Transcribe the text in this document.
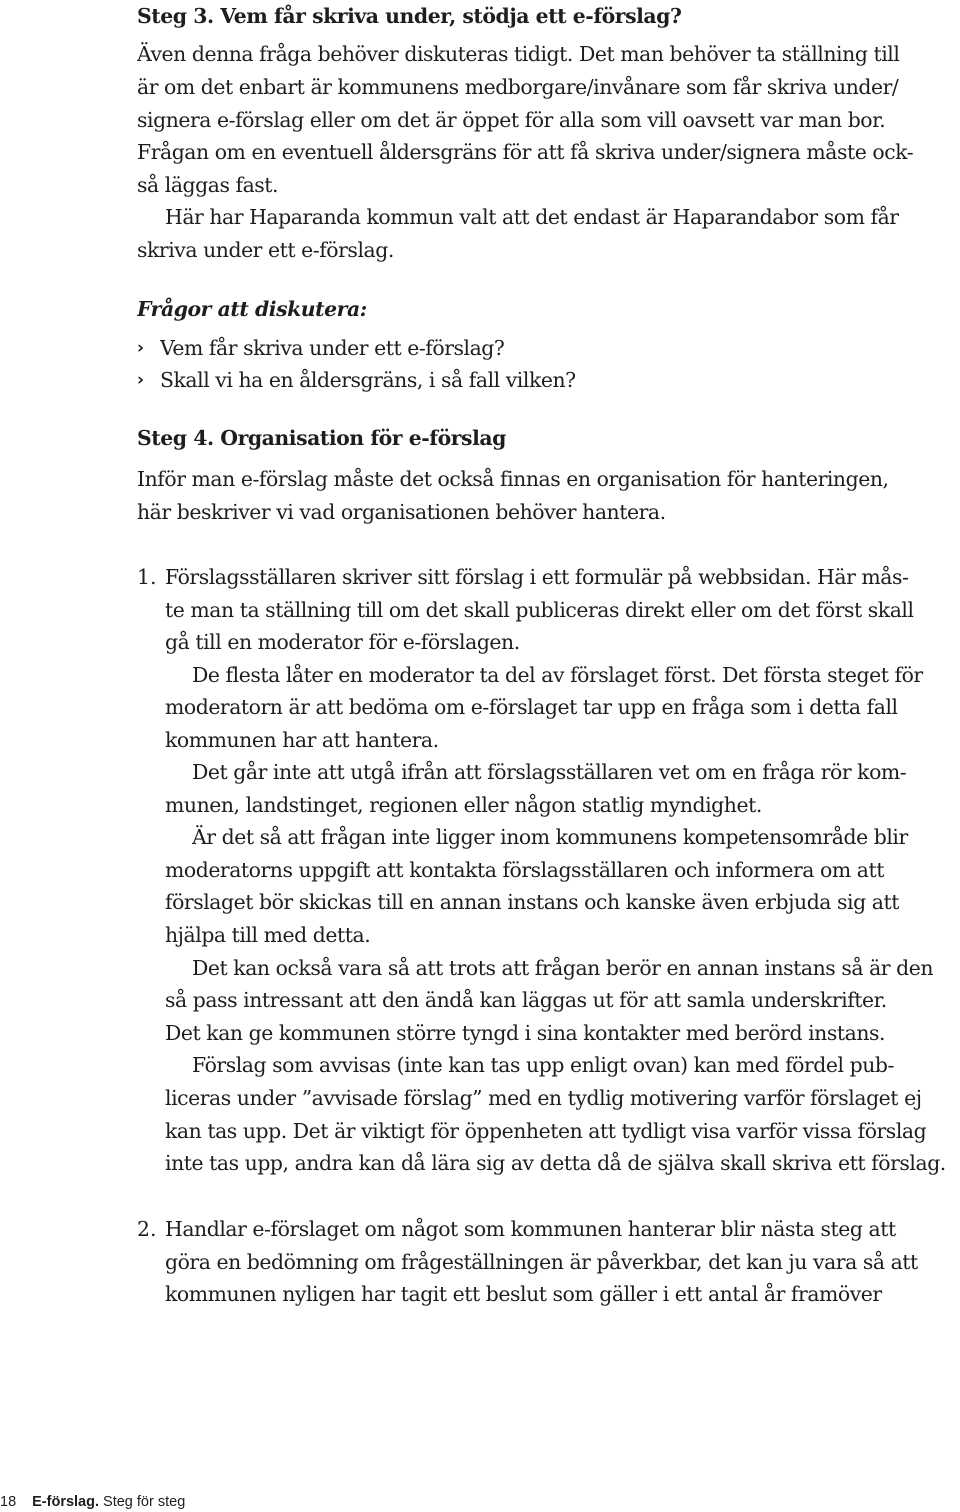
Steg 3. Vem får skriva under, stödja ett e-förslag?
Även denna fråga behöver diskuteras tidigt. Det man behöver ta ställning till
är om det enbart är kommunens medborgare/invånare som får skriva under/
signera e-förslag eller om det är öppet för alla som vill oavsett var man bor.
Frågan om en eventuell åldersgräns för att få skriva under/signera måste ock-
så läggas fast.
Här har Haparanda kommun valt att det endast är Haparandabor som får
skriva under ett e-förslag.
Frågor att diskutera:
› Vem får skriva under ett e-förslag?
› Skall vi ha en åldersgräns, i så fall vilken?
Steg 4. Organisation för e-förslag
Inför man e-förslag måste det också finnas en organisation för hanteringen,
här beskriver vi vad organisationen behöver hantera.
1. Förslagsställaren skriver sitt förslag i ett formulär på webbsidan. Här mås-
te man ta ställning till om det skall publiceras direkt eller om det först skall
gå till en moderator för e-förslagen.
De flesta låter en moderator ta del av förslaget först. Det första steget för
moderatorn är att bedöma om e-förslaget tar upp en fråga som i detta fall
kommunen har att hantera.
Det går inte att utgå ifrån att förslagsställaren vet om en fråga rör kom-
munen, landstinget, regionen eller någon statlig myndighet.
Är det så att frågan inte ligger inom kommunens kompetensområde blir
moderatorns uppgift att kontakta förslagsställaren och informera om att
förslaget bör skickas till en annan instans och kanske även erbjuda sig att
hjälpa till med detta.
Det kan också vara så att trots att frågan berör en annan instans så är den
så pass intressant att den ändå kan läggas ut för att samla underskrifter.
Det kan ge kommunen större tyngd i sina kontakter med berörd instans.
Förslag som avvisas (inte kan tas upp enligt ovan) kan med fördel pub-
liceras under ”avvisade förslag” med en tydlig motivering varför förslaget ej
kan tas upp. Det är viktigt för öppenheten att tydligt visa varför vissa förslag
inte tas upp, andra kan då lära sig av detta då de själva skall skriva ett förslag.
2. Handlar e-förslaget om något som kommunen hanterar blir nästa steg att
göra en bedömning om frågeställningen är påverkbar, det kan ju vara så att
kommunen nyligen har tagit ett beslut som gäller i ett antal år framöver
18 E-förslag. Steg för steg
